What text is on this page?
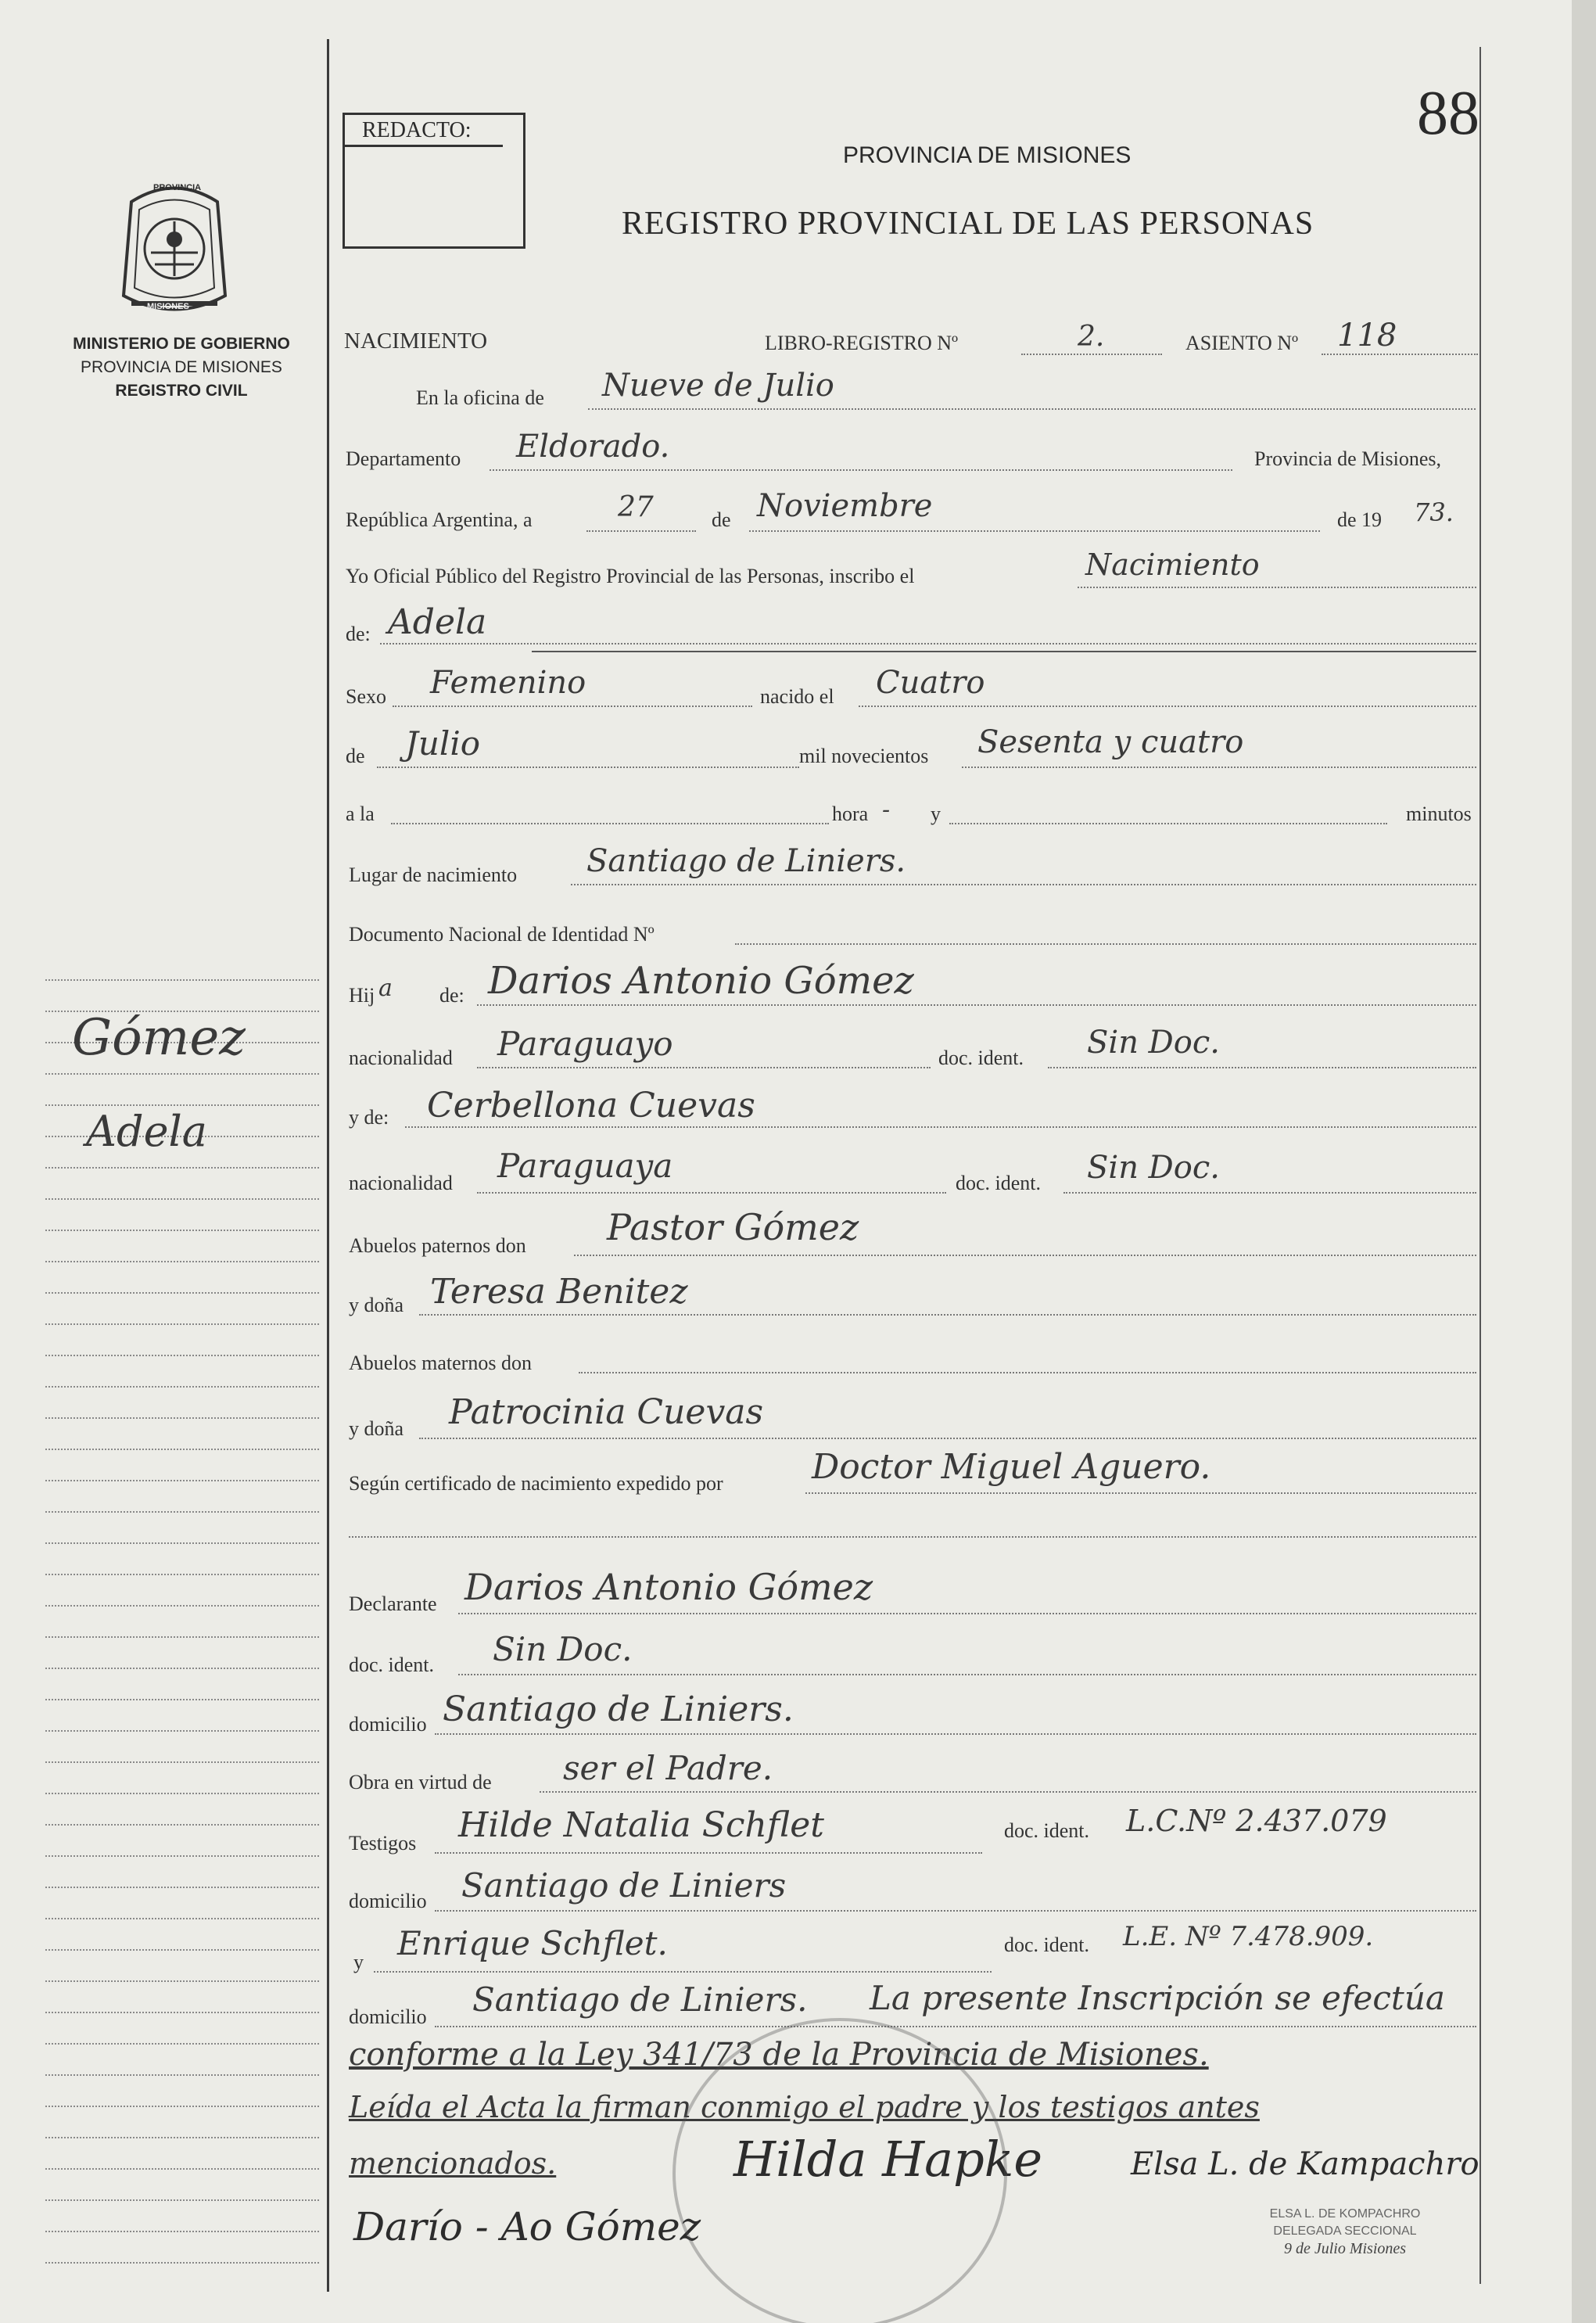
PROVINCIA
MISIONES
MINISTERIO DE GOBIERNO
PROVINCIA DE MISIONES
REGISTRO CIVIL
Gómez
Adela
REDACTO:
PROVINCIA DE MISIONES
REGISTRO PROVINCIAL DE LAS PERSONAS
88
NACIMIENTO	LIBRO-REGISTRO Nº	2.	ASIENTO Nº 118
En la oficina de Nueve de Julio
Departamento Eldorado.	Provincia de Misiones,
República Argentina, a	27	de Noviembre	de 19 73.
Yo Oficial Público del Registro Provincial de las Personas, inscribo el	Nacimiento
de: Adela
Sexo Femenino	nacido el Cuatro
de Julio	mil novecientos Sesenta y cuatro
a la	hora - y	minutos
Lugar de nacimiento Santiago de Liniers.
Documento Nacional de Identidad Nº
Hij a de: Darios Antonio Gómez
nacionalidad Paraguayo	doc. ident. Sin Doc.
y de: Cerbellona Cuevas
nacionalidad Paraguaya	doc. ident. Sin Doc.
Abuelos paternos don Pastor Gómez
y doña Teresa Benitez
Abuelos maternos don
y doña Patrocinia Cuevas
Según certificado de nacimiento expedido por	Doctor Miguel Aguero.
Declarante Darios Antonio Gómez
doc. ident. Sin Doc.
domicilio Santiago de Liniers.
Obra en virtud de ser el Padre.
Testigos Hilde Natalia Schflet	doc. ident. L.C.Nº 2.437.079
domicilio Santiago de Liniers
y Enrique Schflet.	doc. ident. L.E. Nº 7.478.909.
domicilio Santiago de Liniers. La presente Inscripción se efectúa
conforme a la Ley 341/73 de la Provincia de Misiones.
Leída el Acta la firman conmigo el padre y los testigos antes
mencionados.	Hilda Hapke
Darío - Ao Gómez
Elsa L. de Kampachro
ELSA L. DE KOMPACHRO
DELEGADA SECCIONAL
9 de Julio Misiones
